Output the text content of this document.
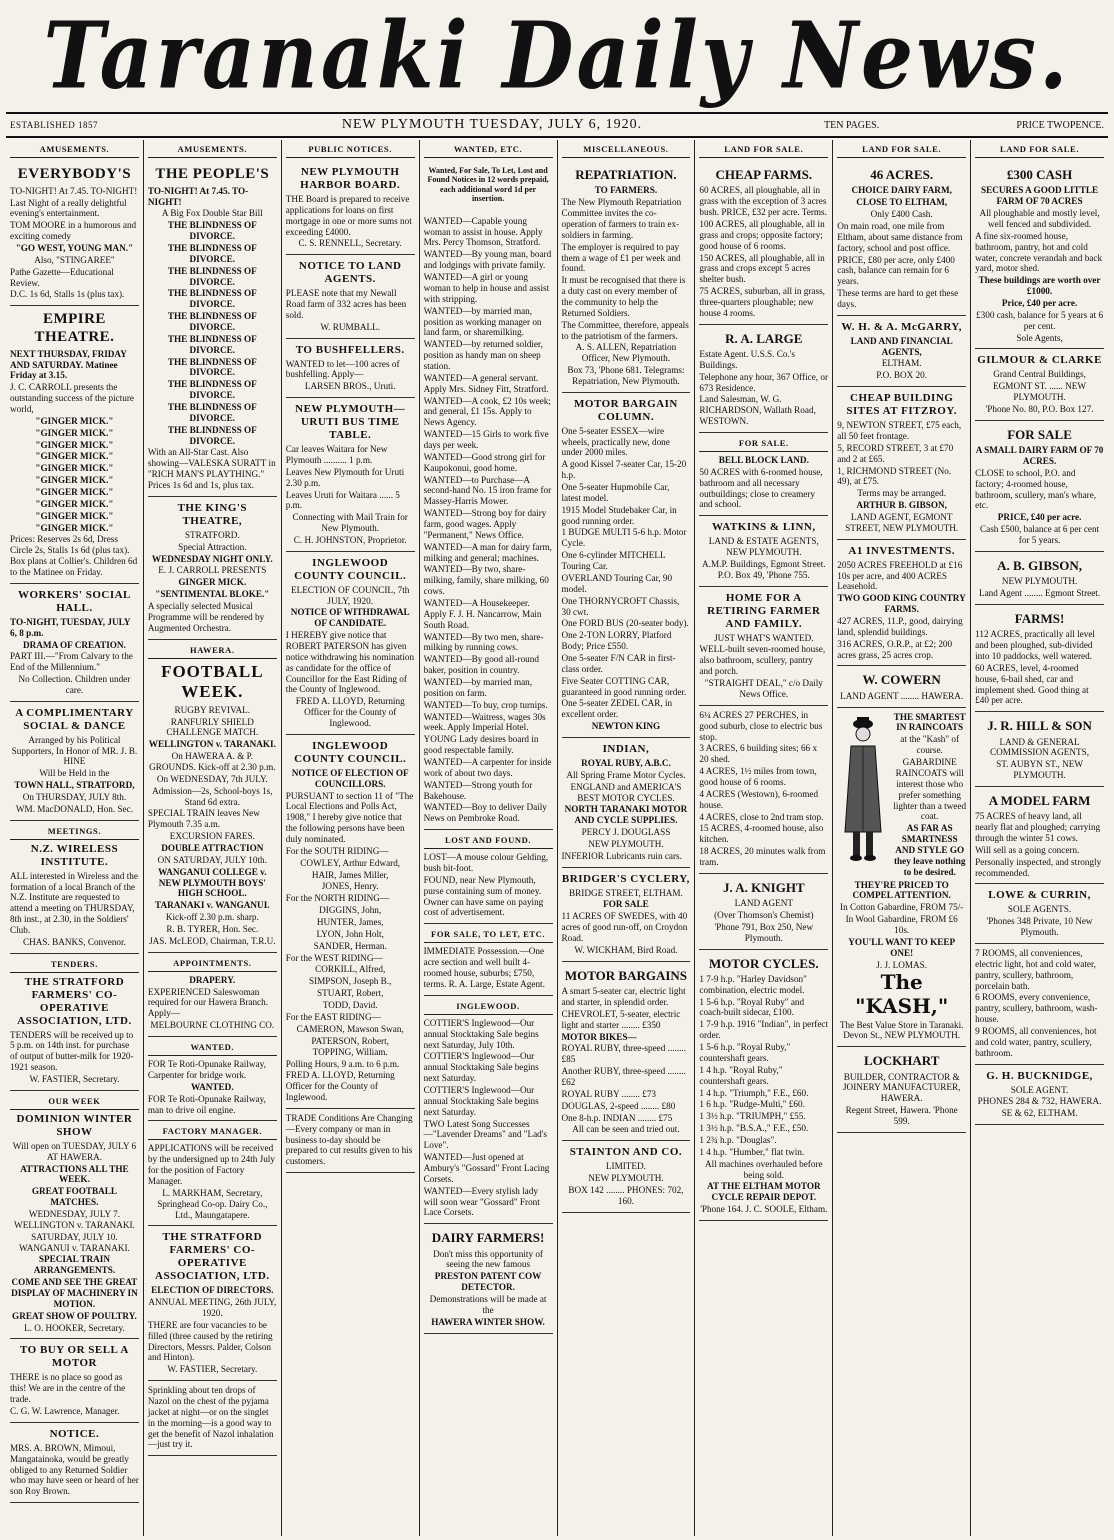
Taranaki Daily News.
ESTABLISHED 1857	NEW PLYMOUTH TUESDAY, JULY 6, 1920.	TEN PAGES.	PRICE TWOPENCE.
AMUSEMENTS.
EVERYBODY'S

TO-NIGHT! At 7.45. TO-NIGHT!

Last Night of a really delightful evening's entertainment.

TOM MOORE in a humorous and exciting comedy

"GO WEST, YOUNG MAN."

Also, "STINGAREE"

Pathe Gazette—Educational Review.

D.C. 1s 6d, Stalls 1s (plus tax).

EMPIRE THEATRE.

NEXT THURSDAY, FRIDAY AND SATURDAY. Matinee Friday at 3.15.

J. C. CARROLL presents the outstanding success of the picture world,

"GINGER MICK."
"GINGER MICK."
"GINGER MICK."
"GINGER MICK."
"GINGER MICK."
"GINGER MICK."
"GINGER MICK."
"GINGER MICK."
"GINGER MICK."
"GINGER MICK."

Prices: Reserves 2s 6d, Dress Circle 2s, Stalls 1s 6d (plus tax). Box plans at Collier's. Children 6d to the Matinee on Friday.

WORKERS' SOCIAL HALL.

TO-NIGHT, TUESDAY, JULY 6, 8 p.m.

DRAMA OF CREATION.

PART III.—"From Calvary to the End of the Millennium."

No Collection. Children under care.

A COMPLIMENTARY SOCIAL & DANCE

Arranged by his Political Supporters, In Honor of MR. J. B. HINE

Will be Held in the

TOWN HALL, STRATFORD,

On THURSDAY, JULY 8th.

WM. MacDONALD, Hon. Sec.

MEETINGS.
N.Z. WIRELESS INSTITUTE.

ALL interested in Wireless and the formation of a local Branch of the N.Z. Institute are requested to attend a meeting on THURSDAY, 8th inst., at 2.30, in the Soldiers' Club.

CHAS. BANKS, Convenor.

TENDERS.
THE STRATFORD FARMERS' CO-OPERATIVE ASSOCIATION, LTD.

TENDERS will be received up to 5 p.m. on 14th inst. for purchase of output of butter-milk for 1920-1921 season.

W. FASTIER, Secretary.

OUR WEEK
DOMINION WINTER SHOW

Will open on TUESDAY, JULY 6 AT HAWERA.

ATTRACTIONS ALL THE WEEK.

GREAT FOOTBALL MATCHES.

WEDNESDAY, JULY 7. WELLINGTON v. TARANAKI.

SATURDAY, JULY 10. WANGANUI v. TARANAKI.

SPECIAL TRAIN ARRANGEMENTS.

COME AND SEE THE GREAT DISPLAY OF MACHINERY IN MOTION.

GREAT SHOW OF POULTRY.

L. O. HOOKER, Secretary.

TO BUY OR SELL A MOTOR

THERE is no place so good as this! We are in the centre of the trade.

C. G. W. Lawrence, Manager.

NOTICE.

MRS. A. BROWN, Mimoui, Mangatainoka, would be greatly obliged to any Returned Soldier who may have seen or heard of her son Roy Brown.

AMUSEMENTS.
THE PEOPLE'S

TO-NIGHT! At 7.45. TO-NIGHT!

A Big Fox Double Star Bill

THE BLINDNESS OF DIVORCE.
THE BLINDNESS OF DIVORCE.
THE BLINDNESS OF DIVORCE.
THE BLINDNESS OF DIVORCE.
THE BLINDNESS OF DIVORCE.
THE BLINDNESS OF DIVORCE.
THE BLINDNESS OF DIVORCE.
THE BLINDNESS OF DIVORCE.
THE BLINDNESS OF DIVORCE.
THE BLINDNESS OF DIVORCE.

With an All-Star Cast. Also showing—VALESKA SURATT in "RICH MAN'S PLAYTHING." Prices 1s 6d and 1s, plus tax.

THE KING'S THEATRE,

STRATFORD.

Special Attraction.

WEDNESDAY NIGHT ONLY.

E. J. CARROLL PRESENTS

GINGER MICK.

"SENTIMENTAL BLOKE."

A specially selected Musical Programme will be rendered by Augmented Orchestra.

HAWERA.
FOOTBALL WEEK.

RUGBY REVIVAL.

RANFURLY SHIELD CHALLENGE MATCH.

WELLINGTON v. TARANAKI.

On HAWERA A. & P. GROUNDS. Kick-off at 2.30 p.m.

On WEDNESDAY, 7th JULY.

Admission—2s, School-boys 1s, Stand 6d extra.

SPECIAL TRAIN leaves New Plymouth 7.35 a.m.

EXCURSION FARES.

DOUBLE ATTRACTION

ON SATURDAY, JULY 10th.

WANGANUI COLLEGE v. NEW PLYMOUTH BOYS' HIGH SCHOOL.

TARANAKI v. WANGANUI.

Kick-off 2.30 p.m. sharp.

R. B. TYRER, Hon. Sec.

JAS. McLEOD, Chairman, T.R.U.

APPOINTMENTS.

DRAPERY.

EXPERIENCED Saleswoman required for our Hawera Branch. Apply—

MELBOURNE CLOTHING CO.

WANTED.

FOR Te Roti-Opunake Railway, Carpenter for bridge work.

WANTED.

FOR Te Roti-Opunake Railway, man to drive oil engine.

FACTORY MANAGER.

APPLICATIONS will be received by the undersigned up to 24th July for the position of Factory Manager.

L. MARKHAM, Secretary, Springhead Co-op. Dairy Co., Ltd., Maungatapere.

THE STRATFORD FARMERS' CO-OPERATIVE ASSOCIATION, LTD.

ELECTION OF DIRECTORS.

ANNUAL MEETING, 26th JULY, 1920.

THERE are four vacancies to be filled (three caused by the retiring Directors, Messrs. Palder, Colson and Hinton).

W. FASTIER, Secretary.

Sprinkling about ten drops of Nazol on the chest of the pyjama jacket at night—or on the singlet in the morning—is a good way to get the benefit of Nazol inhalation—just try it.

PUBLIC NOTICES.
NEW PLYMOUTH HARBOR BOARD.

THE Board is prepared to receive applications for loans on first mortgage in one or more sums not exceeding £4000.

C. S. RENNELL, Secretary.

NOTICE TO LAND AGENTS.

PLEASE note that my Newall Road farm of 332 acres has been sold.

W. RUMBALL.

TO BUSHFELLERS.

WANTED to let—100 acres of bushfelling. Apply—

LARSEN BROS., Uruti.

NEW PLYMOUTH—URUTI BUS TIME TABLE.

Car leaves Waitara for New Plymouth .......... 1 p.m.

Leaves New Plymouth for Uruti 2.30 p.m.

Leaves Uruti for Waitara ...... 5 p.m.

Connecting with Mail Train for New Plymouth.

C. H. JOHNSTON, Proprietor.

INGLEWOOD COUNTY COUNCIL.

ELECTION OF COUNCIL, 7th JULY, 1920.

NOTICE OF WITHDRAWAL OF CANDIDATE.

I HEREBY give notice that ROBERT PATERSON has given notice withdrawing his nomination as candidate for the office of Councillor for the East Riding of the County of Inglewood.

FRED A. LLOYD, Returning Officer for the County of Inglewood.

INGLEWOOD COUNTY COUNCIL.

NOTICE OF ELECTION OF COUNCILLORS.

PURSUANT to section 11 of "The Local Elections and Polls Act, 1908," I hereby give notice that the following persons have been duly nominated.

For the SOUTH RIDING—

COWLEY, Arthur Edward,

HAIR, James Miller,

JONES, Henry.

For the NORTH RIDING—

DIGGINS, John,

HUNTER, James,

LYON, John Holt,

SANDER, Herman.

For the WEST RIDING—

CORKILL, Alfred,

SIMPSON, Joseph B.,

STUART, Robert,

TODD, David.

For the EAST RIDING—

CAMERON, Mawson Swan,

PATERSON, Robert,

TOPPING, William.

Polling Hours, 9 a.m. to 6 p.m. FRED A. LLOYD, Returning Officer for the County of Inglewood.

TRADE Conditions Are Changing—Every company or man in business to-day should be prepared to cut results given to his customers.

WANTED, ETC.

Wanted, For Sale, To Let, Lost and Found Notices in 12 words prepaid, each additional word 1d per insertion.

WANTED—Capable young woman to assist in house. Apply Mrs. Percy Thomson, Stratford.

WANTED—By young man, board and lodgings with private family.

WANTED—A girl or young woman to help in house and assist with stripping.

WANTED—by married man, position as working manager on land farm, or sharemilking.

WANTED—by returned soldier, position as handy man on sheep station.

WANTED—A general servant. Apply Mrs. Sidney Fitt, Stratford.

WANTED—A cook, £2 10s week; and general, £1 15s. Apply to News Agency.

WANTED—15 Girls to work five days per week.

WANTED—Good strong girl for Kaupokonui, good home.

WANTED—to Purchase—A second-hand No. 15 iron frame for Massey-Harris Mower.

WANTED—Strong boy for dairy farm, good wages. Apply "Permanent," News Office.

WANTED—A man for dairy farm, milking and general; machines.

WANTED—By two, share-milking, family, share milking, 60 cows.

WANTED—A Housekeeper. Apply F. J. H. Nancarrow, Main South Road.

WANTED—By two men, share-milking by running cows.

WANTED—By good all-round baker, position in country.

WANTED—by married man, position on farm.

WANTED—To buy, crop turnips.

WANTED—Waitress, wages 30s week. Apply Imperial Hotel.

YOUNG Lady desires board in good respectable family.

WANTED—A carpenter for inside work of about two days.

WANTED—Strong youth for Bakehouse.

WANTED—Boy to deliver Daily News on Pembroke Road.

LOST AND FOUND.

LOST—A mouse colour Gelding, bush bit-foot.

FOUND, near New Plymouth, purse containing sum of money. Owner can have same on paying cost of advertisement.

FOR SALE, TO LET, ETC.

IMMEDIATE Possession.—One acre section and well built 4-roomed house, suburbs; £750, terms. R. A. Large, Estate Agent.

INGLEWOOD.

COTTIER'S Inglewood—Our annual Stocktaking Sale begins next Saturday, July 10th.

COTTIER'S Inglewood—Our annual Stocktaking Sale begins next Saturday.

COTTIER'S Inglewood—Our annual Stocktaking Sale begins next Saturday.

TWO Latest Song Successes—"Lavender Dreams" and "Lad's Love".

WANTED—Just opened at Ambury's "Gossard" Front Lacing Corsets.

WANTED—Every stylish lady will soon wear "Gossard" Front Lace Corsets.

DAIRY FARMERS!

Don't miss this opportunity of seeing the new famous

PRESTON PATENT COW DETECTOR.

Demonstrations will be made at the

HAWERA WINTER SHOW.

MISCELLANEOUS.
REPATRIATION.

TO FARMERS.

The New Plymouth Repatriation Committee invites the co-operation of farmers to train ex-soldiers in farming.

The employer is required to pay them a wage of £1 per week and found.

It must be recognised that there is a duty cast on every member of the community to help the Returned Soldiers.

The Committee, therefore, appeals to the patriotism of the farmers.

A. S. ALLEN, Repatriation Officer, New Plymouth.

Box 73, 'Phone 681. Telegrams: Repatriation, New Plymouth.

MOTOR BARGAIN COLUMN.

One 5-seater ESSEX—wire wheels, practically new, done under 2000 miles.

A good Kissel 7-seater Car, 15-20 h.p.

One 5-seater Hupmobile Car, latest model.

1915 Model Studebaker Car, in good running order.

1 BUDGE MULTI 5-6 h.p. Motor Cycle.

One 6-cylinder MITCHELL Touring Car.

OVERLAND Touring Car, 90 model.

One THORNYCROFT Chassis, 30 cwt.

One FORD BUS (20-seater body).

One 2-TON LORRY, Platford Body; Price £550.

One 5-seater F/N CAR in first-class order.

Five Seater COTTING CAR, guaranteed in good running order.

One 5-seater ZEDEL CAR, in excellent order.

NEWTON KING

INDIAN,

ROYAL RUBY, A.B.C.

All Spring Frame Motor Cycles.

ENGLAND and AMERICA'S BEST MOTOR CYCLES.

NORTH TARANAKI MOTOR AND CYCLE SUPPLIES.

PERCY J. DOUGLASS

NEW PLYMOUTH.

INFERIOR Lubricants ruin cars.

BRIDGER'S CYCLERY,

BRIDGE STREET, ELTHAM.

FOR SALE

11 ACRES OF SWEDES, with 40 acres of good run-off, on Croydon Road.

W. WICKHAM, Bird Road.

MOTOR BARGAINS

A smart 5-seater car, electric light and starter, in splendid order.

CHEVROLET, 5-seater, electric light and starter ........ £350

MOTOR BIKES—

ROYAL RUBY, three-speed ........ £85

Another RUBY, three-speed ........ £62

ROYAL RUBY ........ £73

DOUGLAS, 2-speed ........ £80

One 8-h.p. INDIAN ........ £75

All can be seen and tried out.

STAINTON AND CO.

LIMITED.

NEW PLYMOUTH.

BOX 142 ........ PHONES: 702, 160.

LAND FOR SALE.
CHEAP FARMS.

60 ACRES, all ploughable, all in grass with the exception of 3 acres bush. PRICE, £32 per acre. Terms.

100 ACRES, all ploughable, all in grass and crops; opposite factory; good house of 6 rooms.

150 ACRES, all ploughable, all in grass and crops except 5 acres shelter bush.

75 ACRES, suburban, all in grass, three-quarters ploughable; new house 4 rooms.

R. A. LARGE

Estate Agent. U.S.S. Co.'s Buildings.

Telephone any hour, 367 Office, or 673 Residence.

Land Salesman, W. G. RICHARDSON, Wallath Road, WESTOWN.

FOR SALE.

BELL BLOCK LAND.

50 ACRES with 6-roomed house, bathroom and all necessary outbuildings; close to creamery and school.

WATKINS & LINN,

LAND & ESTATE AGENTS, NEW PLYMOUTH.

A.M.P. Buildings, Egmont Street. P.O. Box 49, 'Phone 755.

HOME FOR A RETIRING FARMER AND FAMILY.

JUST WHAT'S WANTED.

WELL-built seven-roomed house, also bathroom, scullery, pantry and porch.

"STRAIGHT DEAL," c/o Daily News Office.

6¼ ACRES 27 PERCHES, in good suburb, close to electric bus stop.

3 ACRES, 6 building sites; 66 x 20 shed.

4 ACRES, 1½ miles from town, good house of 6 rooms.

4 ACRES (Westown), 6-roomed house.

4 ACRES, close to 2nd tram stop.

15 ACRES, 4-roomed house, also kitchen.

18 ACRES, 20 minutes walk from tram.

J. A. KNIGHT

LAND AGENT

(Over Thomson's Chemist)

'Phone 791, Box 250, New Plymouth.

MOTOR CYCLES.

1 7-9 h.p. "Harley Davidson" combination, electric model.

1 5-6 h.p. "Royal Ruby" and coach-built sidecar, £100.

1 7-9 h.p. 1916 "Indian", in perfect order.

1 5-6 h.p. "Royal Ruby," countershaft gears.

1 4 h.p. "Royal Ruby," countershaft gears.

1 4 h.p. "Triumph," F.E., £60.

1 6 h.p. "Rudge-Multi," £60.

1 3½ h.p. "TRIUMPH," £55.

1 3½ h.p. "B.S.A.," F.E., £50.

1 2¾ h.p. "Douglas".

1 4 h.p. "Humber," flat twin.

All machines overhauled before being sold.

AT THE ELTHAM MOTOR CYCLE REPAIR DEPOT.

'Phone 164. J. C. SOOLE, Eltham.

LAND FOR SALE.
46 ACRES.

CHOICE DAIRY FARM,

CLOSE TO ELTHAM,

Only £400 Cash.

On main road, one mile from Eltham, about same distance from factory, school and post office.

PRICE, £80 per acre, only £400 cash, balance can remain for 6 years.

These terms are hard to get these days.

W. H. & A. McGARRY,

LAND AND FINANCIAL AGENTS,

ELTHAM.

P.O. BOX 20.

CHEAP BUILDING SITES AT FITZROY.

9, NEWTON STREET, £75 each, all 50 feet frontage.

5, RECORD STREET, 3 at £70 and 2 at £65.

1, RICHMOND STREET (No. 49), at £75.

Terms may be arranged.

ARTHUR B. GIBSON,

LAND AGENT, EGMONT STREET, NEW PLYMOUTH.

A1 INVESTMENTS.

2050 ACRES FREEHOLD at £16 10s per acre, and 400 ACRES Leasehold.

TWO GOOD KING COUNTRY FARMS.

427 ACRES, 11.P., good, dairying land, splendid buildings.

316 ACRES, O.R.P., at £2; 200 acres grass, 25 acres crop.

W. COWERN

LAND AGENT ........ HAWERA.

THE SMARTEST IN RAINCOATS

at the "Kash" of course.

GABARDINE RAINCOATS will interest those who prefer something lighter than a tweed coat.

AS FAR AS SMARTNESS AND STYLE GO they leave nothing to be desired.

THEY'RE PRICED TO COMPEL ATTENTION.

In Cotton Gabardine, FROM 75/-

In Wool Gabardine, FROM £6 10s.

YOU'LL WANT TO KEEP ONE!

J. J. LOMAS.

The "KASH,"

The Best Value Store in Taranaki. Devon St., NEW PLYMOUTH.

LOCKHART

BUILDER, CONTRACTOR & JOINERY MANUFACTURER, HAWERA.

Regent Street, Hawera. 'Phone 599.

LAND FOR SALE.
£300 CASH

SECURES A GOOD LITTLE FARM OF 70 ACRES

All ploughable and mostly level, well fenced and subdivided.

A fine six-roomed house, bathroom, pantry, hot and cold water, concrete verandah and back yard, motor shed.

These buildings are worth over £1000.

Price, £40 per acre.

£300 cash, balance for 5 years at 6 per cent.

Sole Agents,

GILMOUR & CLARKE

Grand Central Buildings,

EGMONT ST. ...... NEW PLYMOUTH.

'Phone No. 80, P.O. Box 127.

FOR SALE

A SMALL DAIRY FARM OF 70 ACRES.

CLOSE to school, P.O. and factory; 4-roomed house, bathroom, scullery, man's whare, etc.

PRICE, £40 per acre.

Cash £500, balance at 6 per cent for 5 years.

A. B. GIBSON,

NEW PLYMOUTH.

Land Agent ........ Egmont Street.

FARMS!

112 ACRES, practically all level and been ploughed, sub-divided into 10 paddocks, well watered.

60 ACRES, level, 4-roomed house, 6-bail shed, car and implement shed. Good thing at £40 per acre.

J. R. HILL & SON

LAND & GENERAL COMMISSION AGENTS,

ST. AUBYN ST., NEW PLYMOUTH.

A MODEL FARM

75 ACRES of heavy land, all nearly flat and ploughed; carrying through the winter 51 cows.

Will sell as a going concern.

Personally inspected, and strongly recommended.

LOWE & CURRIN,

SOLE AGENTS.

'Phones 348 Private, 10 New Plymouth.

7 ROOMS, all conveniences, electric light, hot and cold water, pantry, scullery, bathroom, porcelain bath.

6 ROOMS, every convenience, pantry, scullery, bathroom, wash-house.

9 ROOMS, all conveniences, hot and cold water, pantry, scullery, bathroom.

G. H. BUCKNIDGE,

SOLE AGENT.

PHONES 284 & 732, HAWERA.

SE & 62, ELTHAM.
